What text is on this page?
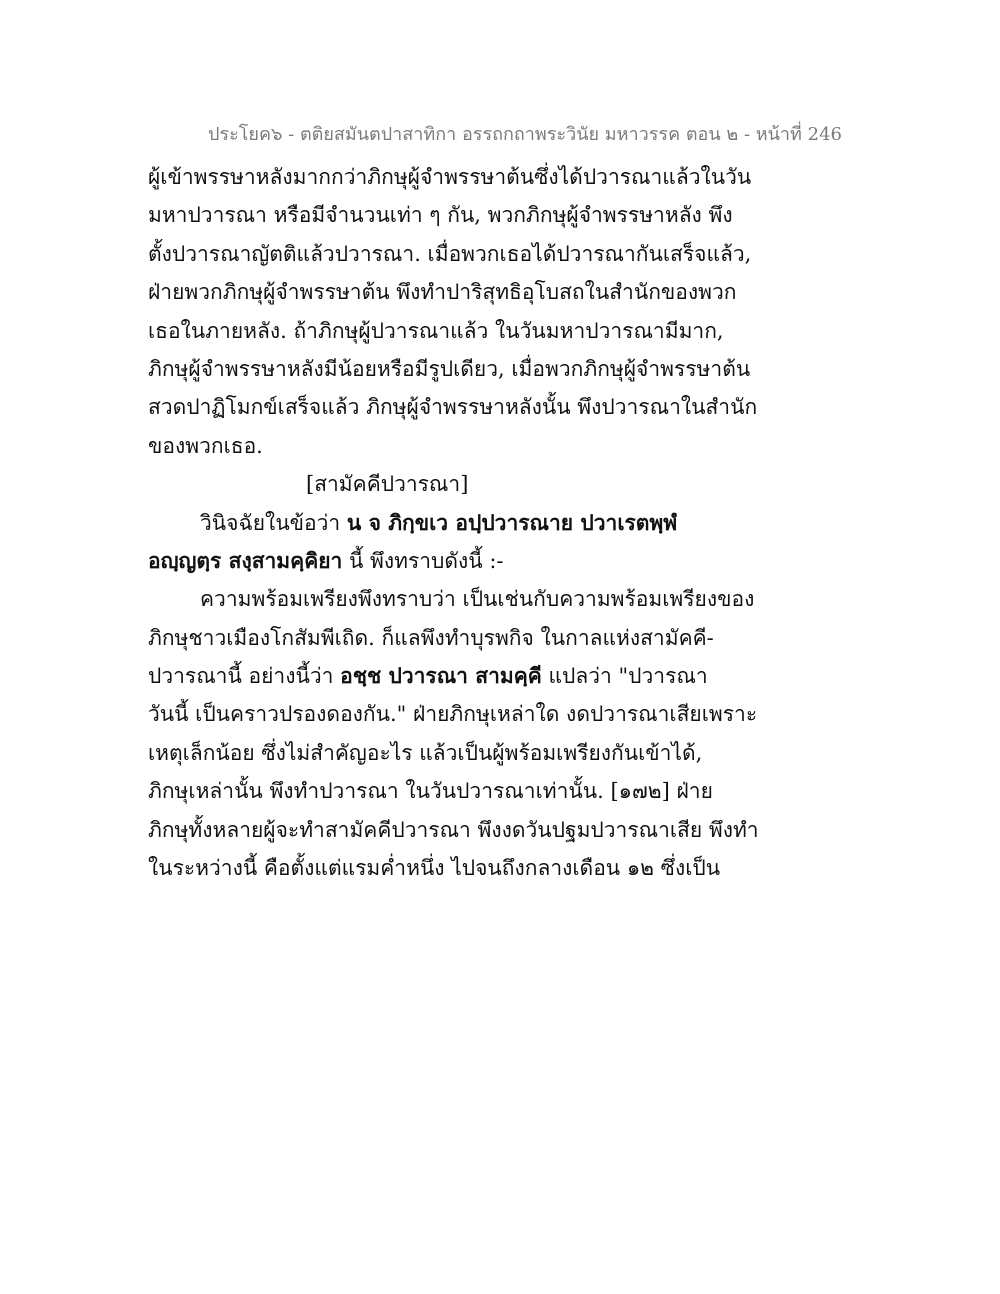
ประโยค๖ - ตติยสมันตปาสาทิกา อรรถกถาพระวินัย มหาวรรค ตอน ๒ - หน้าที่ 246
ผู้เข้าพรรษาหลังมากกว่าภิกษุผู้จำพรรษาต้นซึ่งได้ปวารณาแล้วในวัน
มหาปวารณา หรือมีจำนวนเท่า ๆ กัน, พวกภิกษุผู้จำพรรษาหลัง พึง
ตั้งปวารณาญัตติแล้วปวารณา. เมื่อพวกเธอได้ปวารณากันเสร็จแล้ว,
ฝ่ายพวกภิกษุผู้จำพรรษาต้น พึงทำปาริสุทธิอุโบสถในสำนักของพวก
เธอในภายหลัง. ถ้าภิกษุผู้ปวารณาแล้ว ในวันมหาปวารณามีมาก,
ภิกษุผู้จำพรรษาหลังมีน้อยหรือมีรูปเดียว, เมื่อพวกภิกษุผู้จำพรรษาต้น
สวดปาฏิโมกข์เสร็จแล้ว ภิกษุผู้จำพรรษาหลังนั้น พึงปวารณาในสำนัก
ของพวกเธอ.
[สามัคคีปวารณา]
วินิจฉัยในข้อว่า น จ ภิกฺขเว อปฺปวารณาย ปวาเรตพฺพํ
อญฺญตฺร สงฺสามคฺคิยา นี้ พึงทราบดังนี้ :-
ความพร้อมเพรียงพึงทราบว่า เป็นเช่นกับความพร้อมเพรียงของ
ภิกษุชาวเมืองโกสัมพีเถิด. ก็แลพึงทำบุรพกิจ ในกาลแห่งสามัคคี-
ปวารณานี้ อย่างนี้ว่า อชฺช ปวารณา สามคฺคี แปลว่า "ปวารณา
วันนี้ เป็นคราวปรองดองกัน." ฝ่ายภิกษุเหล่าใด งดปวารณาเสียเพราะ
เหตุเล็กน้อย ซึ่งไม่สำคัญอะไร แล้วเป็นผู้พร้อมเพรียงกันเข้าได้,
ภิกษุเหล่านั้น พึงทำปวารณา ในวันปวารณาเท่านั้น. [๑๗๒] ฝ่าย
ภิกษุทั้งหลายผู้จะทำสามัคคีปวารณา พึงงดวันปฐมปวารณาเสีย พึงทำ
ในระหว่างนี้ คือตั้งแต่แรมค่ำหนึ่ง ไปจนถึงกลางเดือน ๑๒ ซึ่งเป็น
